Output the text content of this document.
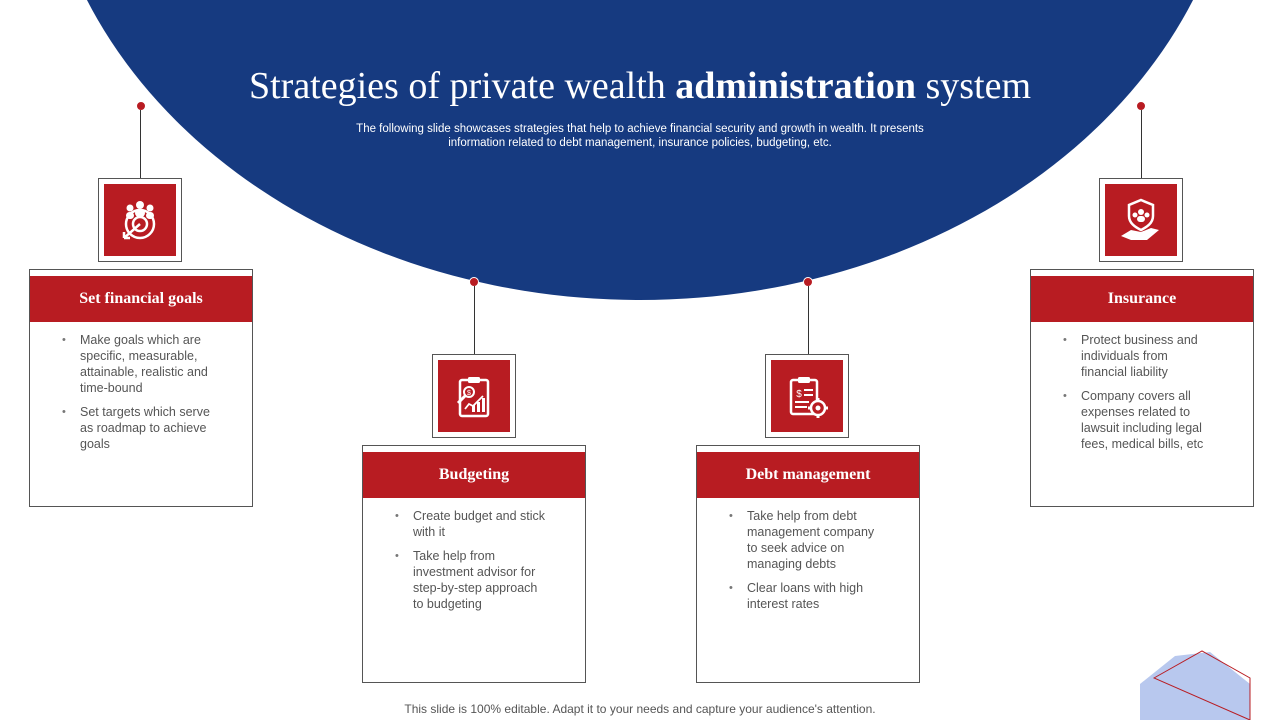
Strategies of private wealth administration system
The following slide showcases strategies that help to achieve financial security and growth in wealth. It presents information related to debt management, insurance policies, budgeting, etc.
Set financial goals
• Make goals which are specific, measurable, attainable, realistic and time-bound
• Set targets which serve as roadmap to achieve goals
$
Budgeting
• Create budget and stick with it
• Take help from investment advisor for step-by-step approach to budgeting
$
Debt management
• Take help from debt management company to seek advice on managing debts
• Clear loans with high interest rates
Insurance
• Protect business and individuals from financial liability
• Company covers all expenses related to lawsuit including legal fees, medical bills, etc
This slide is 100% editable. Adapt it to your needs and capture your audience's attention.
